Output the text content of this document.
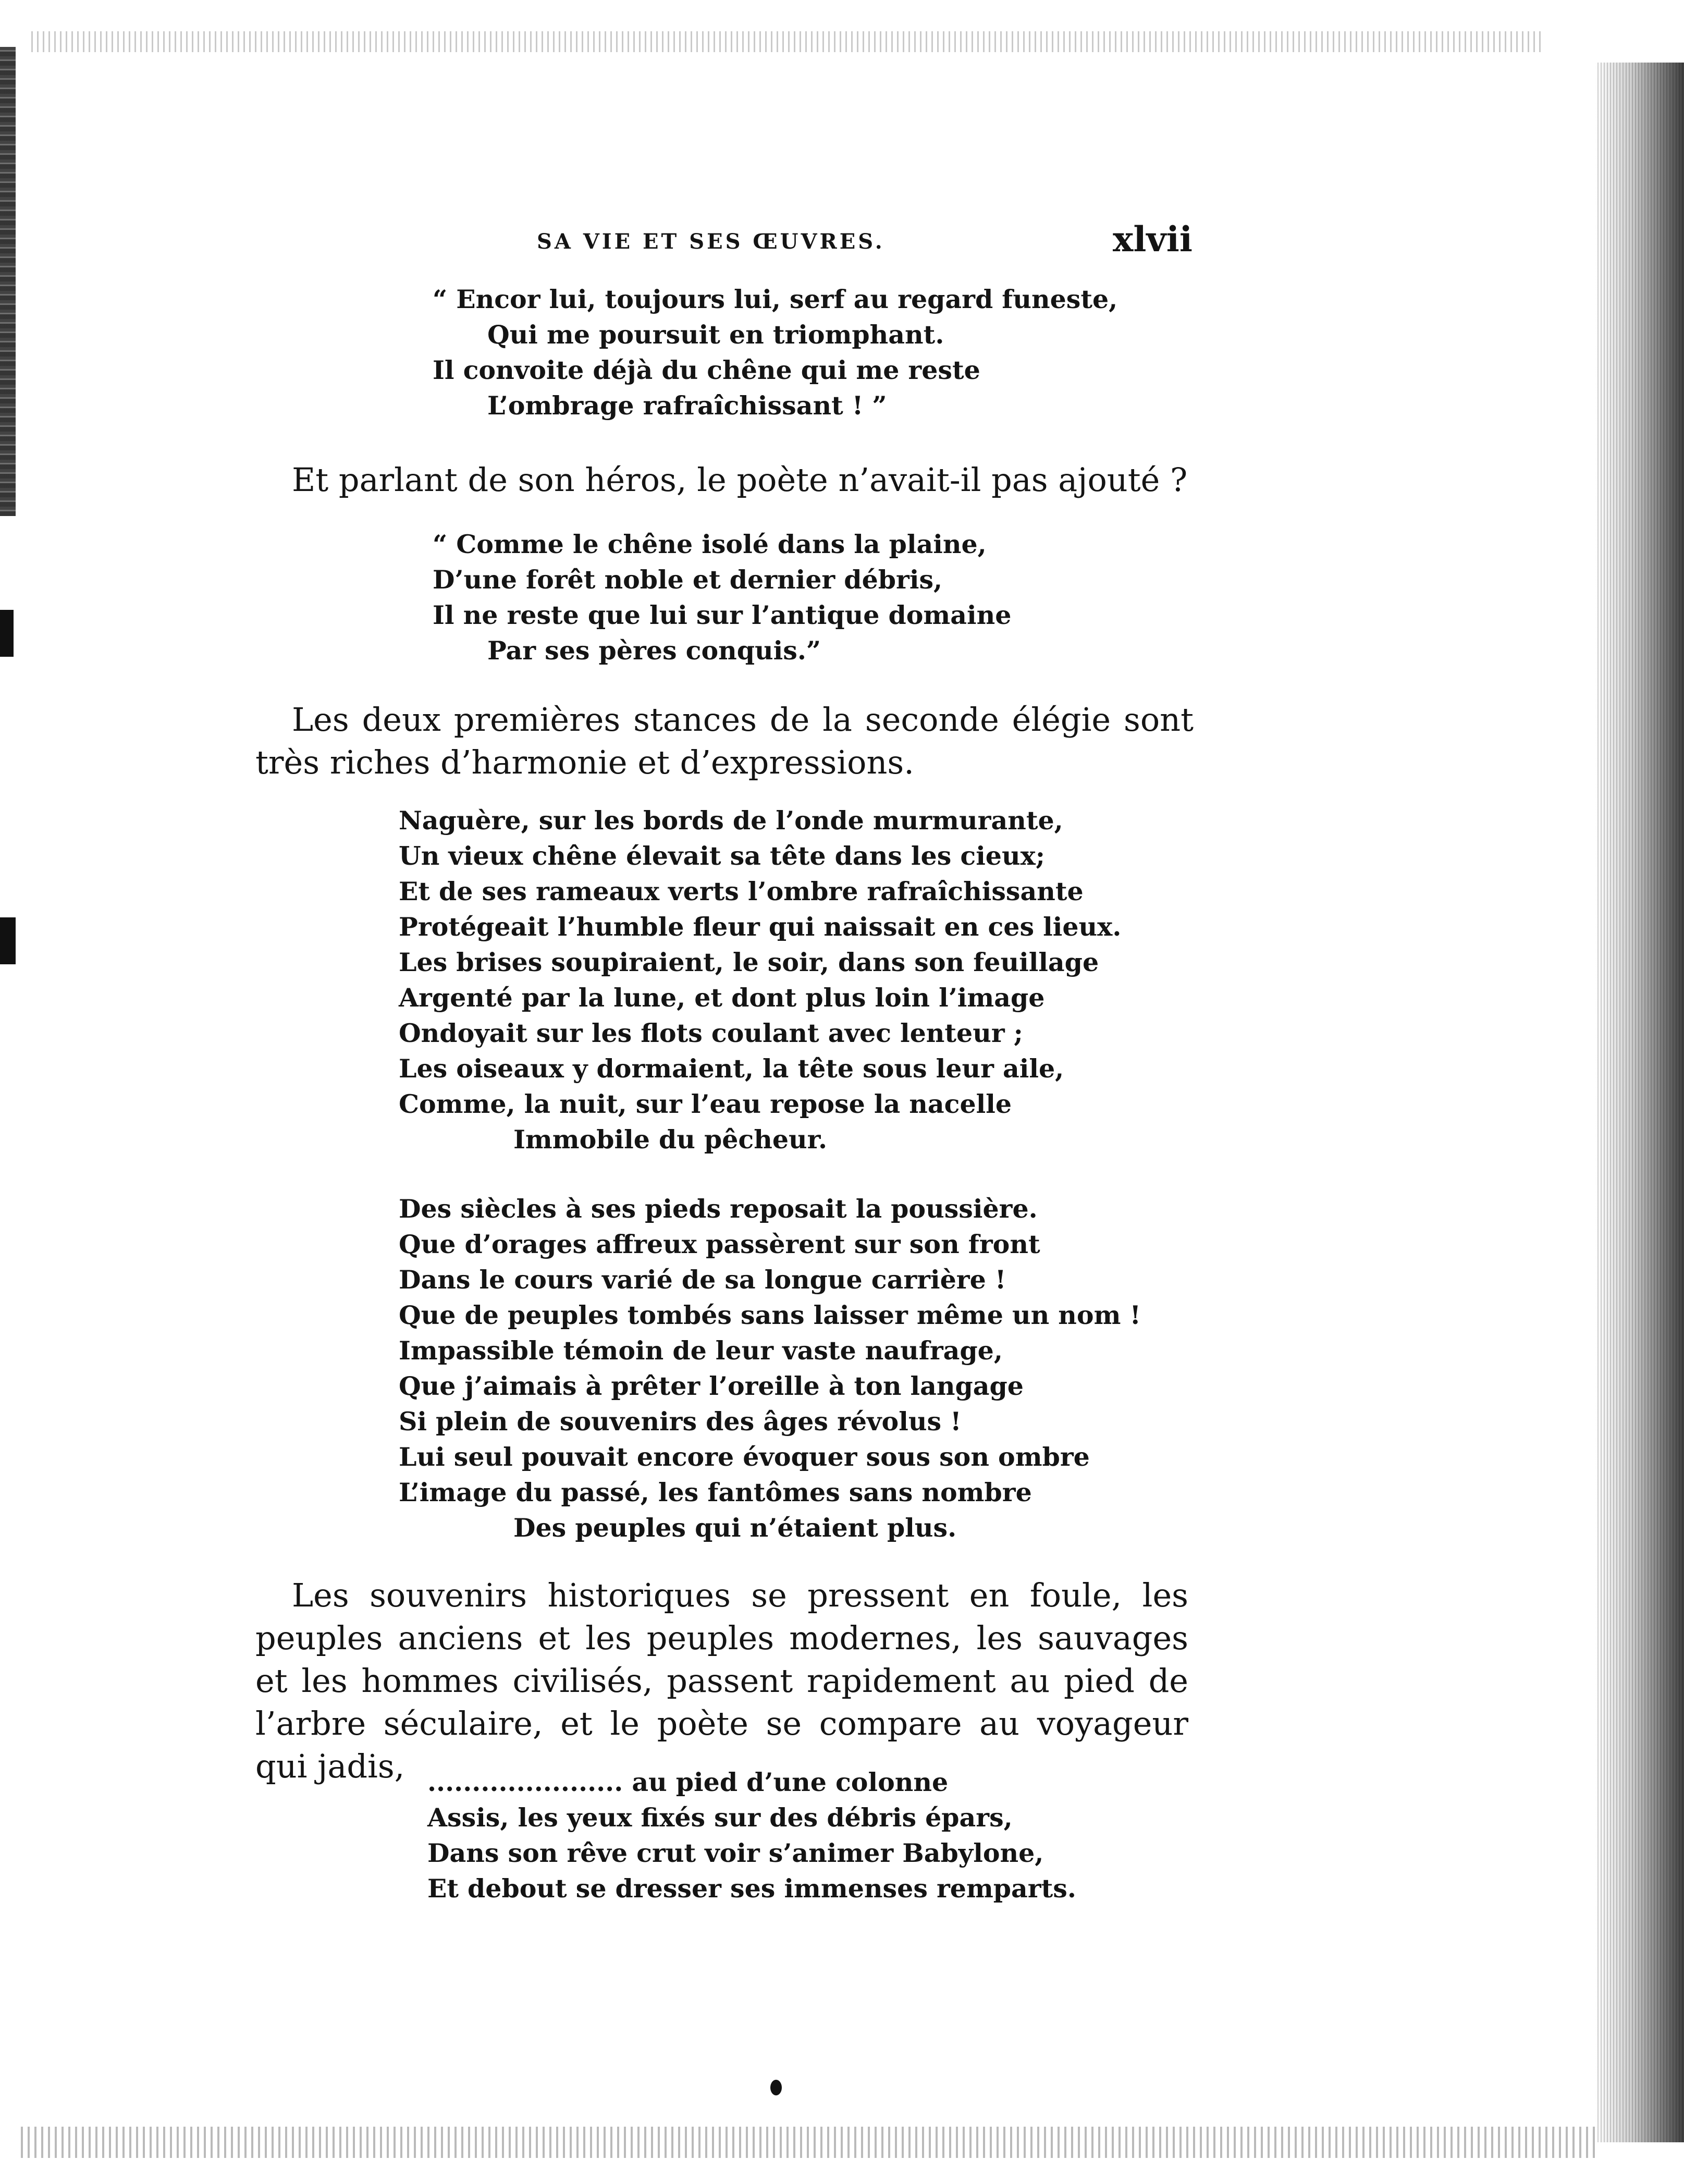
SA VIE ET SES ŒUVRES.	xlvii
“ Encor lui, toujours lui, serf au regard funeste,
Qui me poursuit en triomphant.
Il convoite déjà du chêne qui me reste
L’ombrage rafraîchissant ! ”

Et parlant de son héros, le poète n’avait-il pas ajouté ?

“ Comme le chêne isolé dans la plaine,
D’une forêt noble et dernier débris,
Il ne reste que lui sur l’antique domaine
Par ses pères conquis.”

Les deux premières stances de la seconde élégie sont très riches d’harmonie et d’expressions.

Naguère, sur les bords de l’onde murmurante,
Un vieux chêne élevait sa tête dans les cieux;
Et de ses rameaux verts l’ombre rafraîchissante
Protégeait l’humble fleur qui naissait en ces lieux.
Les brises soupiraient, le soir, dans son feuillage
Argenté par la lune, et dont plus loin l’image
Ondoyait sur les flots coulant avec lenteur ;
Les oiseaux y dormaient, la tête sous leur aile,
Comme, la nuit, sur l’eau repose la nacelle
Immobile du pêcheur.
Des siècles à ses pieds reposait la poussière.
Que d’orages affreux passèrent sur son front
Dans le cours varié de sa longue carrière !
Que de peuples tombés sans laisser même un nom !
Impassible témoin de leur vaste naufrage,
Que j’aimais à prêter l’oreille à ton langage
Si plein de souvenirs des âges révolus !
Lui seul pouvait encore évoquer sous son ombre
L’image du passé, les fantômes sans nombre
Des peuples qui n’étaient plus.

Les souvenirs historiques se pressent en foule, les peuples anciens et les peuples modernes, les sauvages et les hommes civilisés, passent rapidement au pied de l’arbre séculaire, et le poète se compare au voyageur qui jadis, ...................... au pied d’une colonne
Assis, les yeux fixés sur des débris épars,
Dans son rêve crut voir s’animer Babylone,
Et debout se dresser ses immenses remparts.
